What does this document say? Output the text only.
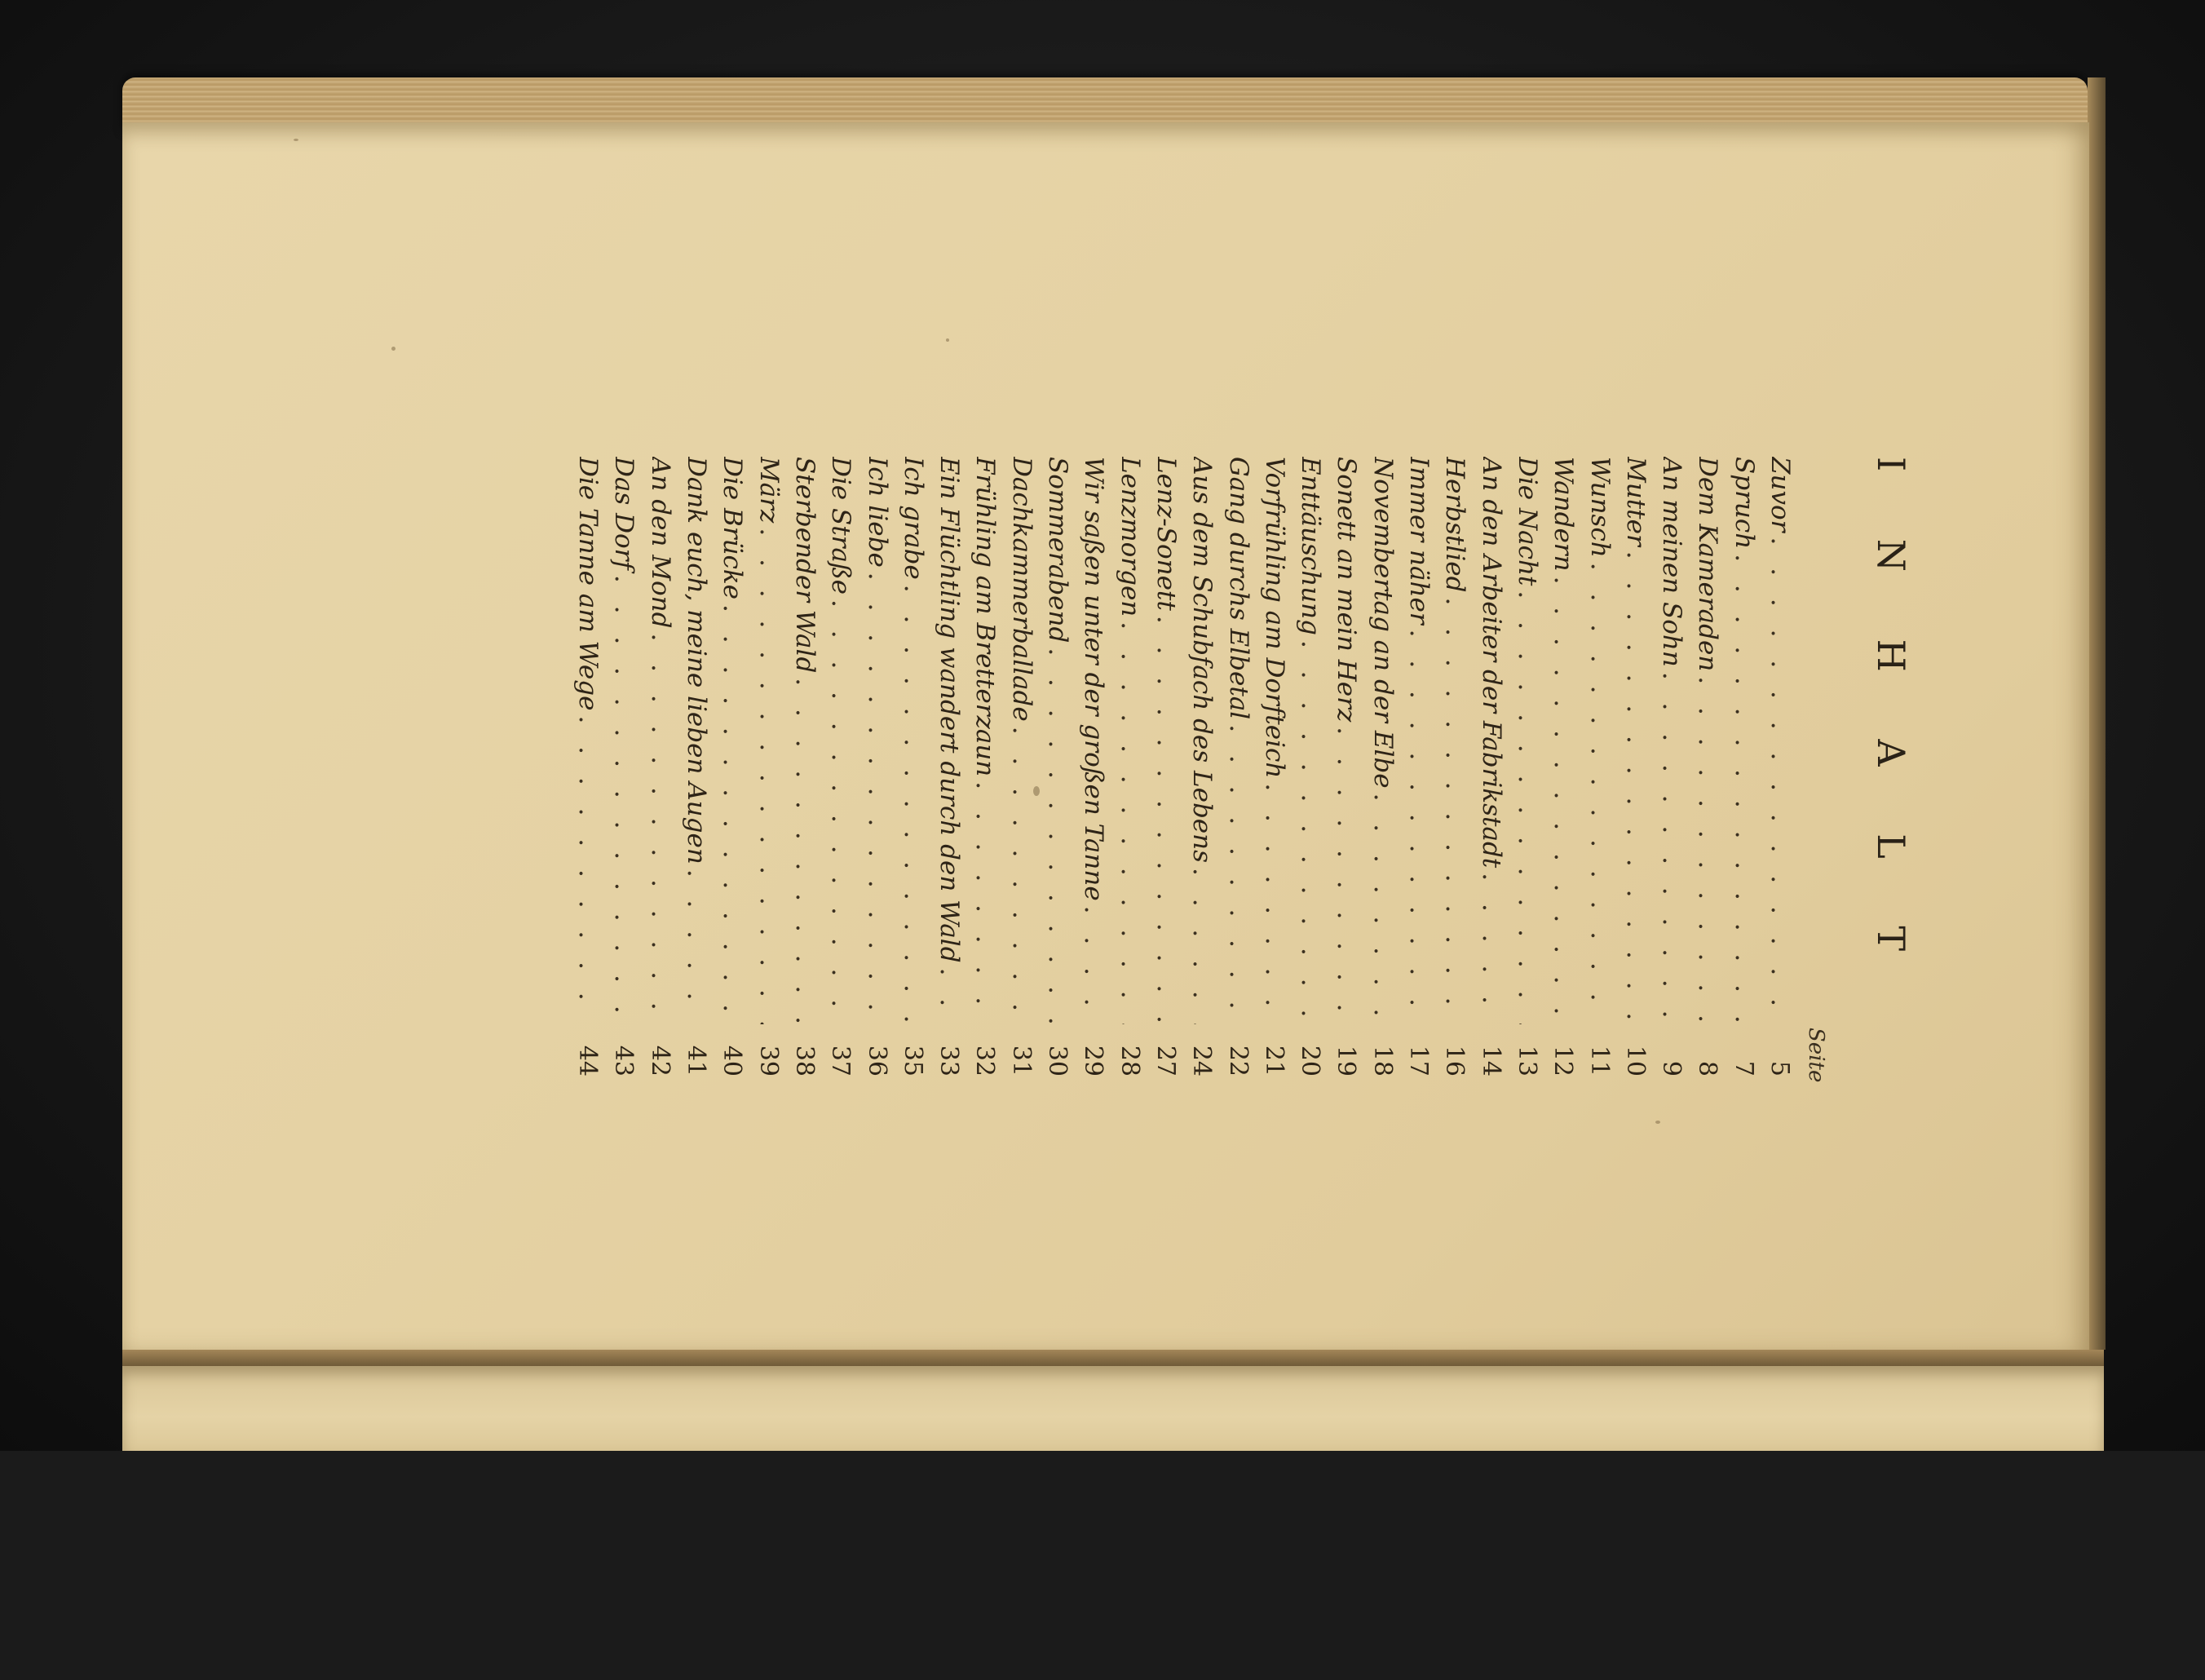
I N H A L T
Seite
Zuvor
. . .
5
Spruch
. . .
7
Dem Kameraden
. . .
8
An meinen Sohn
. . .
9
Mutter
. . .
10
Wunsch
. . .
11
Wandern
. . .
12
Die Nacht
. . .
13
An den Arbeiter der Fabrikstadt
. . .
14
Herbstlied
. . .
16
Immer näher
. . .
17
Novembertag an der Elbe
. . .
18
Sonett an mein Herz
. . .
19
Enttäuschung
. . .
20
Vorfrühling am Dorfteich
. . .
21
Gang durchs Elbetal
. . .
22
Aus dem Schubfach des Lebens
. . .
24
Lenz-Sonett
. . .
27
Lenzmorgen
. . .
28
Wir saßen unter der großen Tanne
. . .
29
Sommerabend
. . .
30
Dachkammerballade
. . .
31
Frühling am Bretterzaun
. . .
32
Ein Flüchtling wandert durch den Wald
. . .
33
Ich grabe
. . .
35
Ich liebe
. . .
36
Die Straße
. . .
37
Sterbender Wald
. . .
38
März
. . .
39
Die Brücke
. . .
40
Dank euch, meine lieben Augen
. . .
41
An den Mond
. . .
42
Das Dorf
. . .
43
Die Tanne am Wege
. . .
44
